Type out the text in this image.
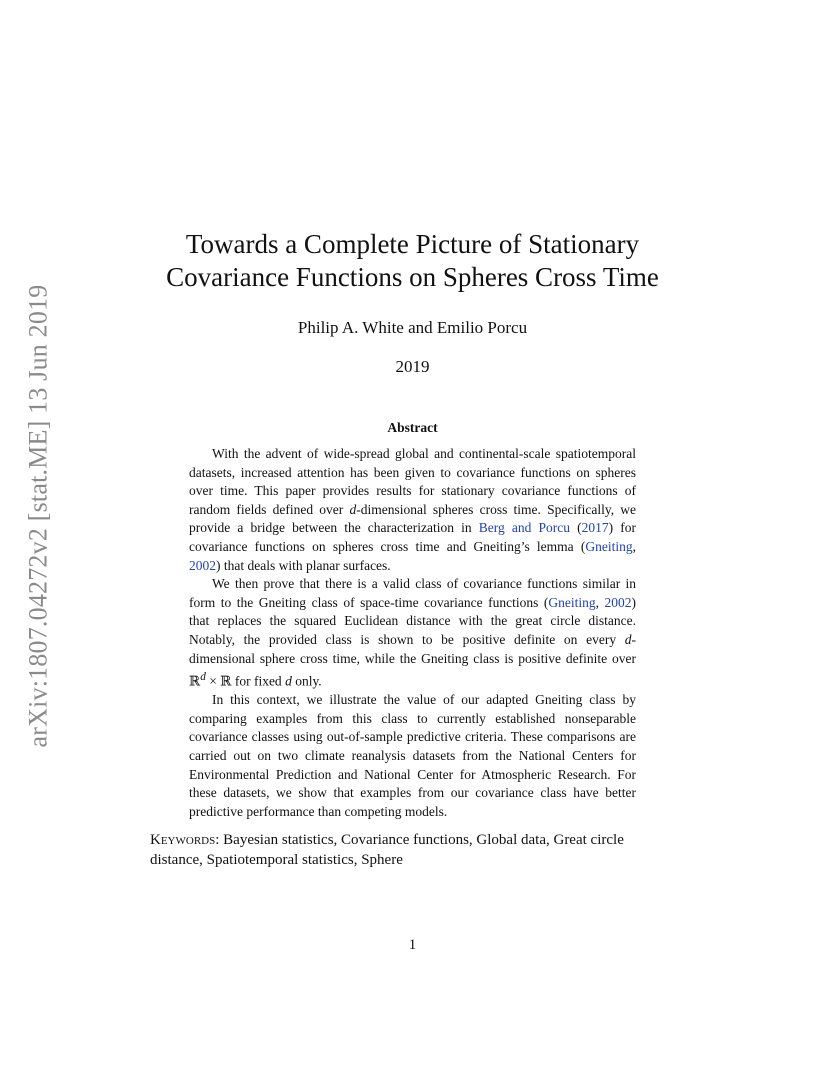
arXiv:1807.04272v2 [stat.ME] 13 Jun 2019
Towards a Complete Picture of Stationary Covariance Functions on Spheres Cross Time
Philip A. White and Emilio Porcu
2019
Abstract

With the advent of wide-spread global and continental-scale spatiotemporal datasets, increased attention has been given to covariance functions on spheres over time. This paper provides results for stationary covariance functions of random fields defined over d-dimensional spheres cross time. Specifically, we provide a bridge between the characterization in Berg and Porcu (2017) for covariance functions on spheres cross time and Gneiting’s lemma (Gneiting, 2002) that deals with planar surfaces.

We then prove that there is a valid class of covariance functions similar in form to the Gneiting class of space-time covariance functions (Gneiting, 2002) that replaces the squared Euclidean distance with the great circle distance. Notably, the provided class is shown to be positive definite on every d-dimensional sphere cross time, while the Gneiting class is positive definite over ℝ$^d$ × ℝ for fixed d only.

In this context, we illustrate the value of our adapted Gneiting class by comparing examples from this class to currently established nonseparable covariance classes using out-of-sample predictive criteria. These comparisons are carried out on two climate reanalysis datasets from the National Centers for Environmental Prediction and National Center for Atmospheric Research. For these datasets, we show that examples from our covariance class have better predictive performance than competing models.

Keywords: Bayesian statistics, Covariance functions, Global data, Great circle distance, Spatiotemporal statistics, Sphere
1
